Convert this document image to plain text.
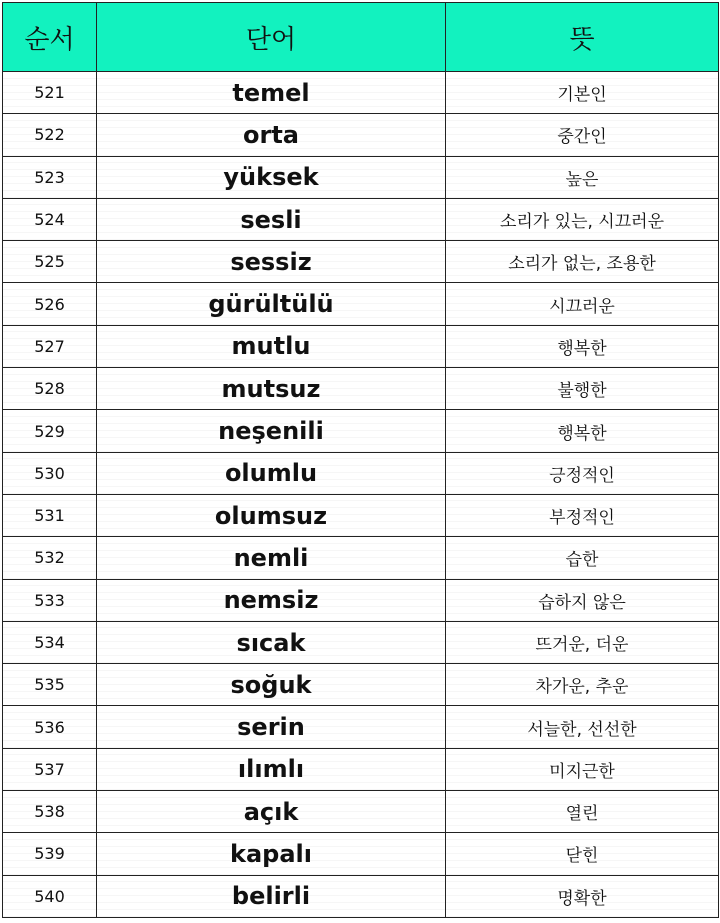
순서	단어	뜻
521	temel	기본인
522	orta	중간인
523	yüksek	높은
524	sesli	소리가 있는, 시끄러운
525	sessiz	소리가 없는, 조용한
526	gürültülü	시끄러운
527	mutlu	행복한
528	mutsuz	불행한
529	neşenili	행복한
530	olumlu	긍정적인
531	olumsuz	부정적인
532	nemli	습한
533	nemsiz	습하지 않은
534	sıcak	뜨거운, 더운
535	soğuk	차가운, 추운
536	serin	서늘한, 선선한
537	ılımlı	미지근한
538	açık	열린
539	kapalı	닫힌
540	belirli	명확한
